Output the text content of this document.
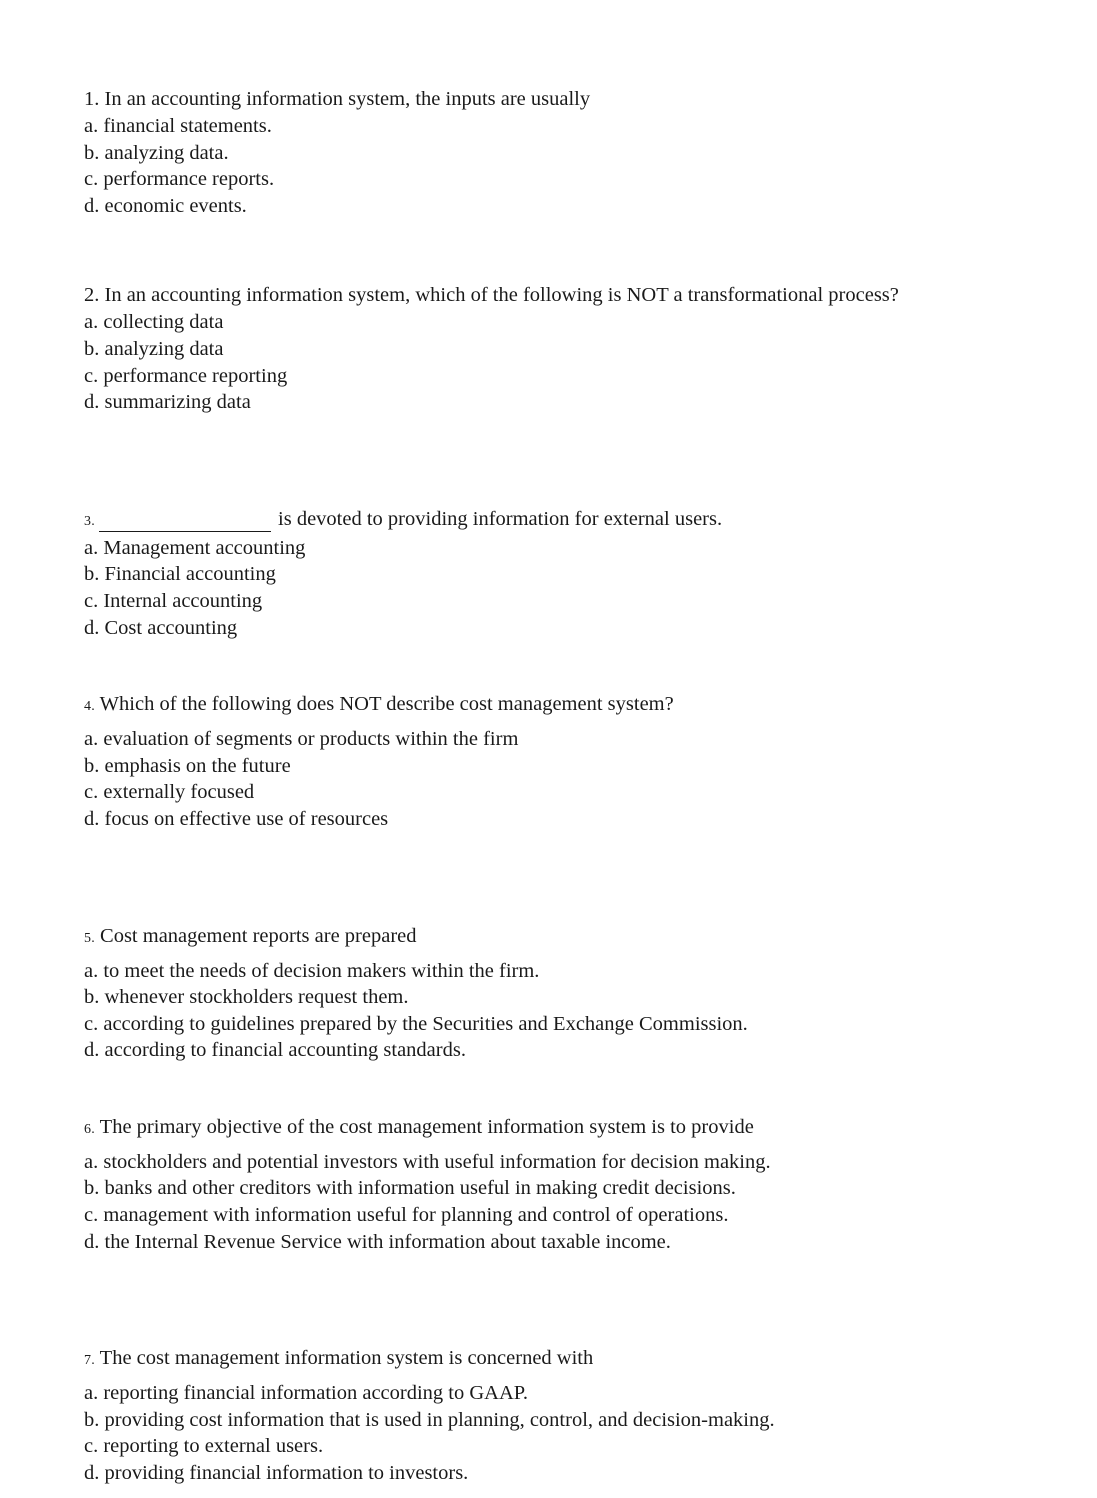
1. In an accounting information system, the inputs are usually

a. financial statements.
b. analyzing data.
c. performance reports.
d. economic events.

2. In an accounting information system, which of the following is NOT a transformational process?

a. collecting data
b. analyzing data
c. performance reporting
d. summarizing data

3.	is devoted to providing information for external users.

a. Management accounting
b. Financial accounting
c. Internal accounting
d. Cost accounting

4. Which of the following does NOT describe cost management system?

a. evaluation of segments or products within the firm
b. emphasis on the future
c. externally focused
d. focus on effective use of resources

5. Cost management reports are prepared

a. to meet the needs of decision makers within the firm.
b. whenever stockholders request them.
c. according to guidelines prepared by the Securities and Exchange Commission.
d. according to financial accounting standards.

6. The primary objective of the cost management information system is to provide

a. stockholders and potential investors with useful information for decision making.
b. banks and other creditors with information useful in making credit decisions.
c. management with information useful for planning and control of operations.
d. the Internal Revenue Service with information about taxable income.

7. The cost management information system is concerned with

a. reporting financial information according to GAAP.
b. providing cost information that is used in planning, control, and decision-making.
c. reporting to external users.
d. providing financial information to investors.
